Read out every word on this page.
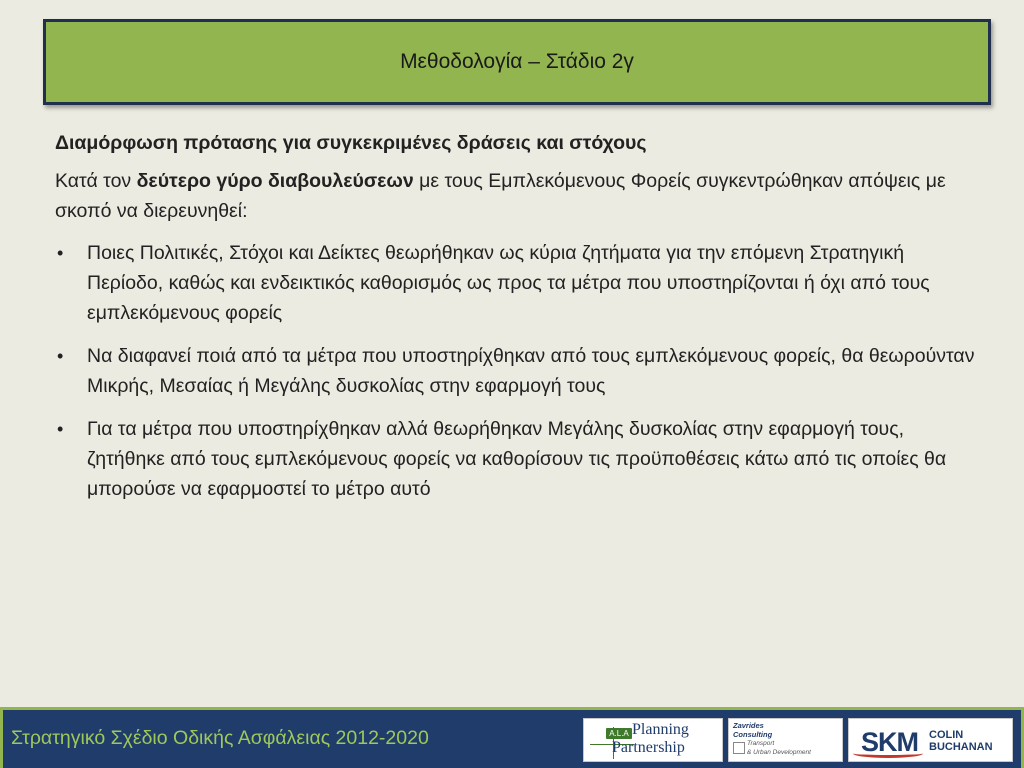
Μεθοδολογία – Στάδιο 2γ

Διαμόρφωση πρότασης για συγκεκριμένες δράσεις και στόχους

Κατά τον δεύτερο γύρο διαβουλεύσεων με τους Εμπλεκόμενους Φορείς συγκεντρώθηκαν απόψεις με σκοπό να διερευνηθεί:

• Ποιες Πολιτικές, Στόχοι και Δείκτες θεωρήθηκαν ως κύρια ζητήματα για την επόμενη Στρατηγική Περίοδο, καθώς και ενδεικτικός καθορισμός ως προς τα μέτρα που υποστηρίζονται ή όχι από τους εμπλεκόμενους φορείς
• Να διαφανεί ποιά από τα μέτρα που υποστηρίχθηκαν από τους εμπλεκόμενους φορείς, θα θεωρούνταν Μικρής, Μεσαίας ή Μεγάλης δυσκολίας στην εφαρμογή τους
• Για τα μέτρα που υποστηρίχθηκαν αλλά θεωρήθηκαν Μεγάλης δυσκολίας στην εφαρμογή τους, ζητήθηκε από τους εμπλεκόμενους φορείς να καθορίσουν τις προϋποθέσεις κάτω από τις οποίες θα μπορούσε να εφαρμοστεί το μέτρο αυτό
Στρατηγικό Σχέδιο Οδικής Ασφάλειας 2012-2020	A.L.A Planning
Partnership
Zavrides
Consulting
Transport
& Urban Development SKM COLIN
BUCHANAN
